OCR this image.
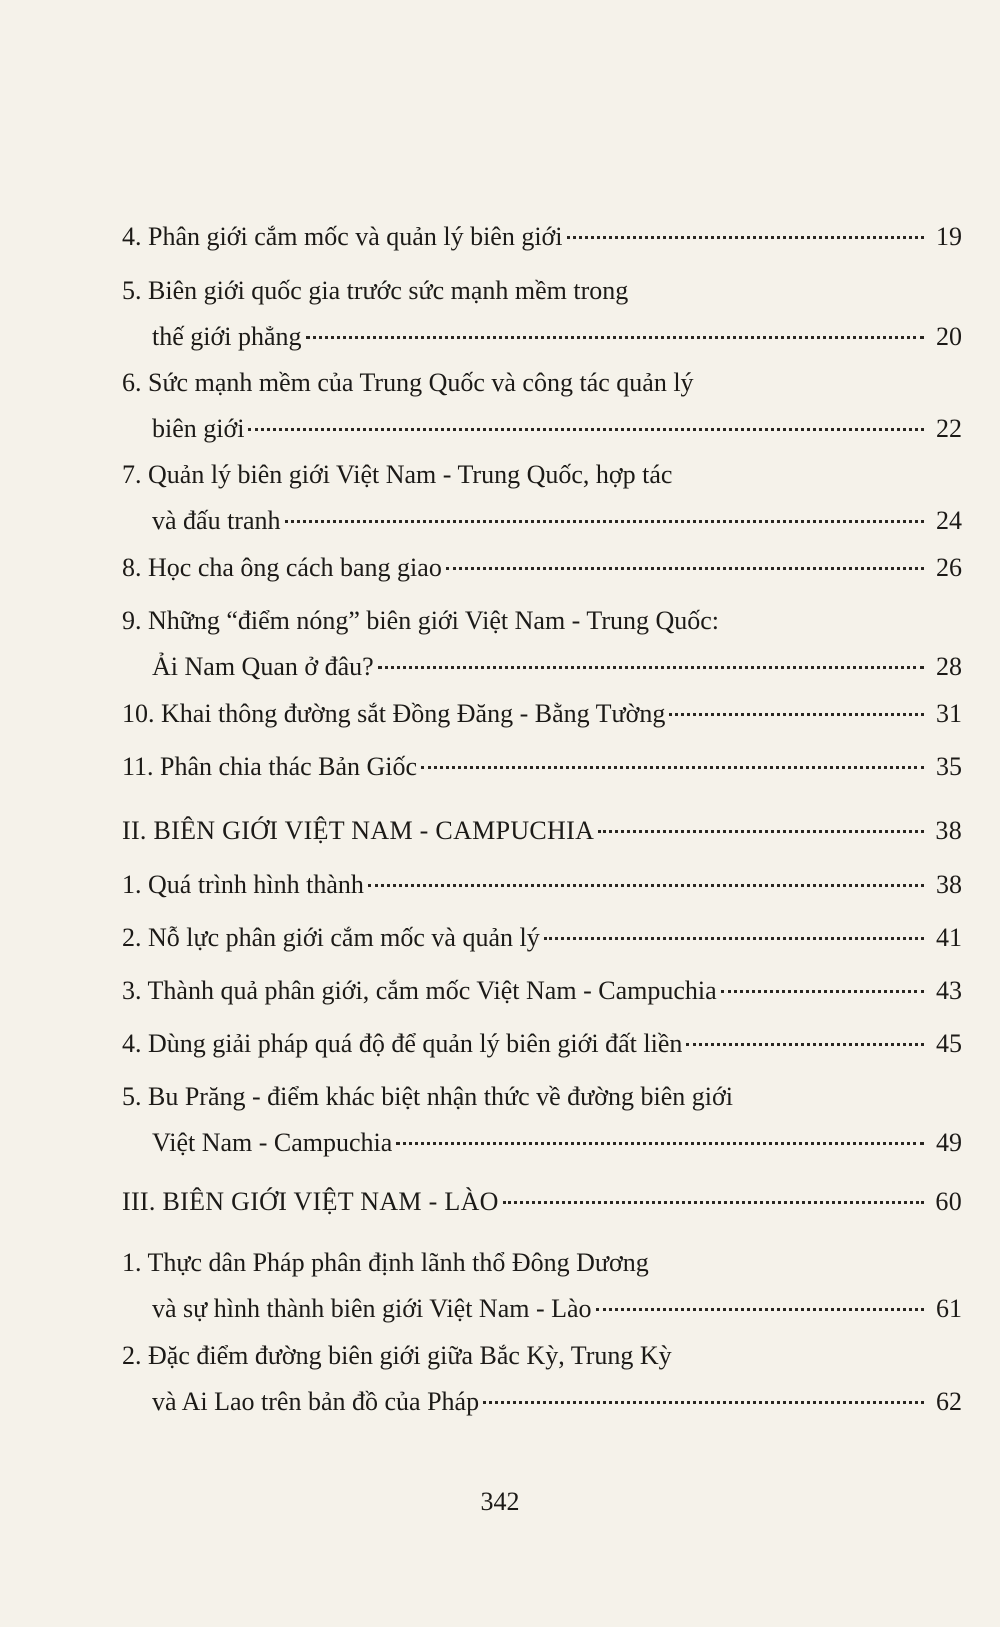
4. Phân giới cắm mốc và quản lý biên giới	19
5. Biên giới quốc gia trước sức mạnh mềm trong
thế giới phẳng	20
6. Sức mạnh mềm của Trung Quốc và công tác quản lý
biên giới	22
7. Quản lý biên giới Việt Nam - Trung Quốc, hợp tác
và đấu tranh	24
8. Học cha ông cách bang giao	26
9. Những “điểm nóng” biên giới Việt Nam - Trung Quốc:
Ải Nam Quan ở đâu?	28
10. Khai thông đường sắt Đồng Đăng - Bằng Tường	31
11. Phân chia thác Bản Giốc	35
II. BIÊN GIỚI VIỆT NAM - CAMPUCHIA	38
1. Quá trình hình thành	38
2. Nỗ lực phân giới cắm mốc và quản lý	41
3. Thành quả phân giới, cắm mốc Việt Nam - Campuchia	43
4. Dùng giải pháp quá độ để quản lý biên giới đất liền	45
5. Bu Prăng - điểm khác biệt nhận thức về đường biên giới
Việt Nam - Campuchia	49
III. BIÊN GIỚI VIỆT NAM - LÀO	60
1. Thực dân Pháp phân định lãnh thổ Đông Dương
và sự hình thành biên giới Việt Nam - Lào	61
2. Đặc điểm đường biên giới giữa Bắc Kỳ, Trung Kỳ
và Ai Lao trên bản đồ của Pháp	62
342
